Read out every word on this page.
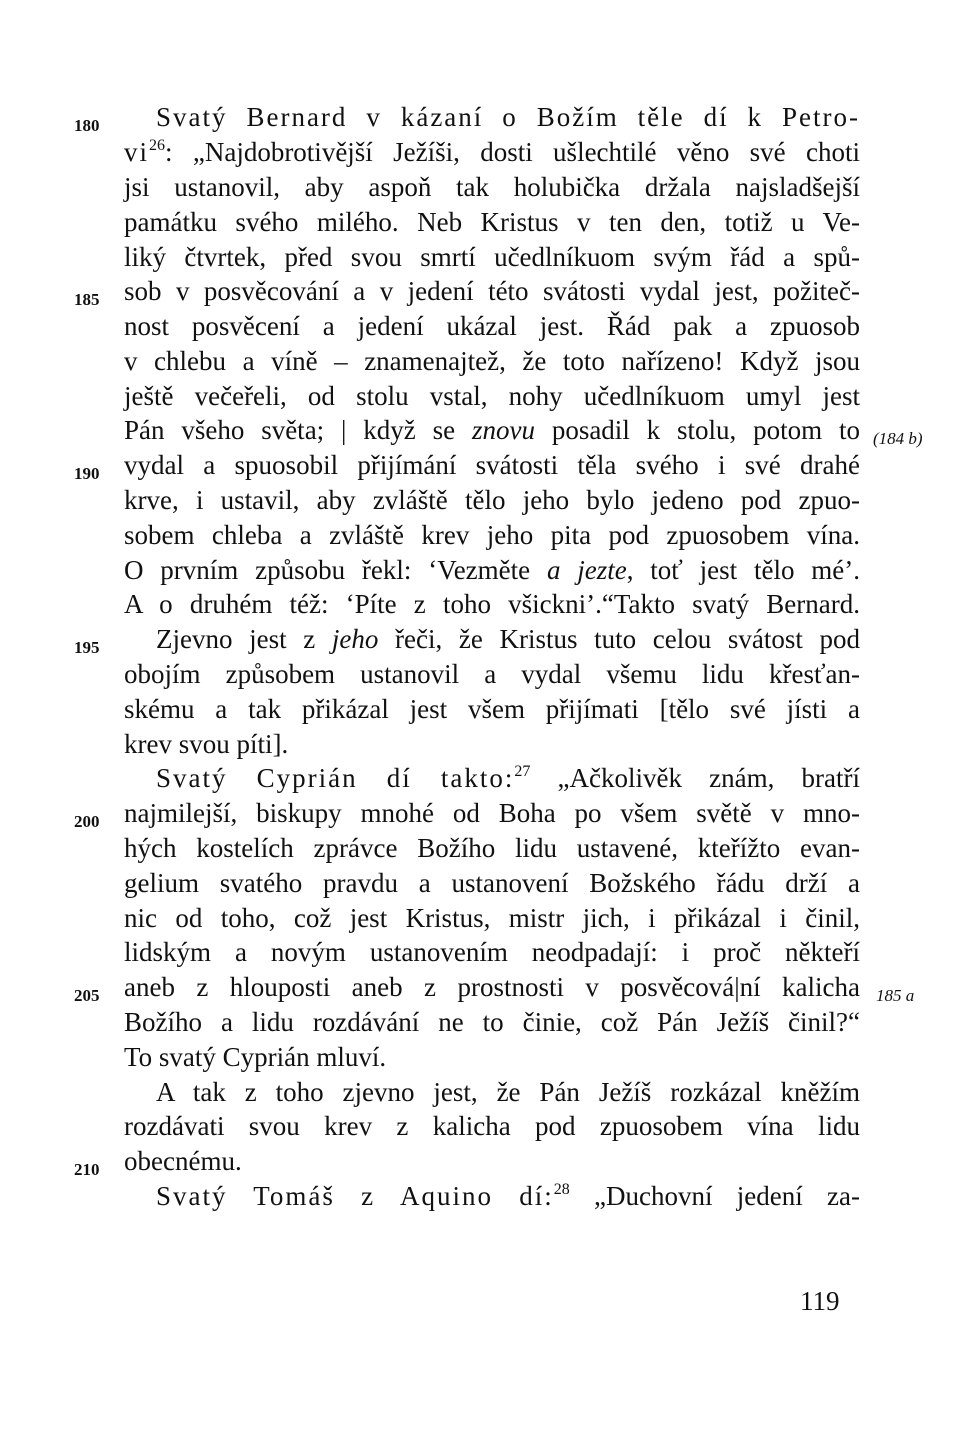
180
185
190
195
200
205
210
(184 b)
185 a
Svatý Bernard v kázaní o Božím těle dí k Petro-
$vi^{26}$: „Najdobrotivější Ježíši, dosti ušlechtilé věno své choti
jsi ustanovil, aby aspoň tak holubička držala najsladšejší
památku svého milého. Neb Kristus v ten den, totiž u Ve-
liký čtvrtek, před svou smrtí učedlníkuom svým řád a spů-
sob v posvěcování a v jedení této svátosti vydal jest, požiteč-
nost posvěcení a jedení ukázal jest. Řád pak a zpuosob
v chlebu a víně – znamenajtež, že toto nařízeno! Když jsou
ještě večeřeli, od stolu vstal, nohy učedlníkuom umyl jest
Pán všeho světa; | když se znovu posadil k stolu, potom to
vydal a spuosobil přijímání svátosti těla svého i své drahé
krve, i ustavil, aby zvláště tělo jeho bylo jedeno pod zpuo-
sobem chleba a zvláště krev jeho pita pod zpuosobem vína.
O prvním způsobu řekl: ‘Vezměte a jezte, toť jest tělo mé’.
A o druhém též: ‘Píte z toho všickni’.“Takto svatý Bernard.
Zjevno jest z jeho řeči, že Kristus tuto celou svátost pod
obojím způsobem ustanovil a vydal všemu lidu křesťan-
skému a tak přikázal jest všem přijímati [tělo své jísti a
krev svou píti].
Svatý Cyprián dí takto:$^{27}$ „Ačkolivěk znám, bratří
najmilejší, biskupy mnohé od Boha po všem světě v mno-
hých kostelích zprávce Božího lidu ustavené, kteřížto evan-
gelium svatého pravdu a ustanovení Božského řádu drží a
nic od toho, což jest Kristus, mistr jich, i přikázal i činil,
lidským a novým ustanovením neodpadají: i proč někteří
aneb z hlouposti aneb z prostnosti v posvěcová|ní kalicha
Božího a lidu rozdávání ne to činie, což Pán Ježíš činil?“
To svatý Cyprián mluví.
A tak z toho zjevno jest, že Pán Ježíš rozkázal kněžím
rozdávati svou krev z kalicha pod zpuosobem vína lidu
obecnému.
Svatý Tomáš z Aquino dí:$^{28}$ „Duchovní jedení za-
119
